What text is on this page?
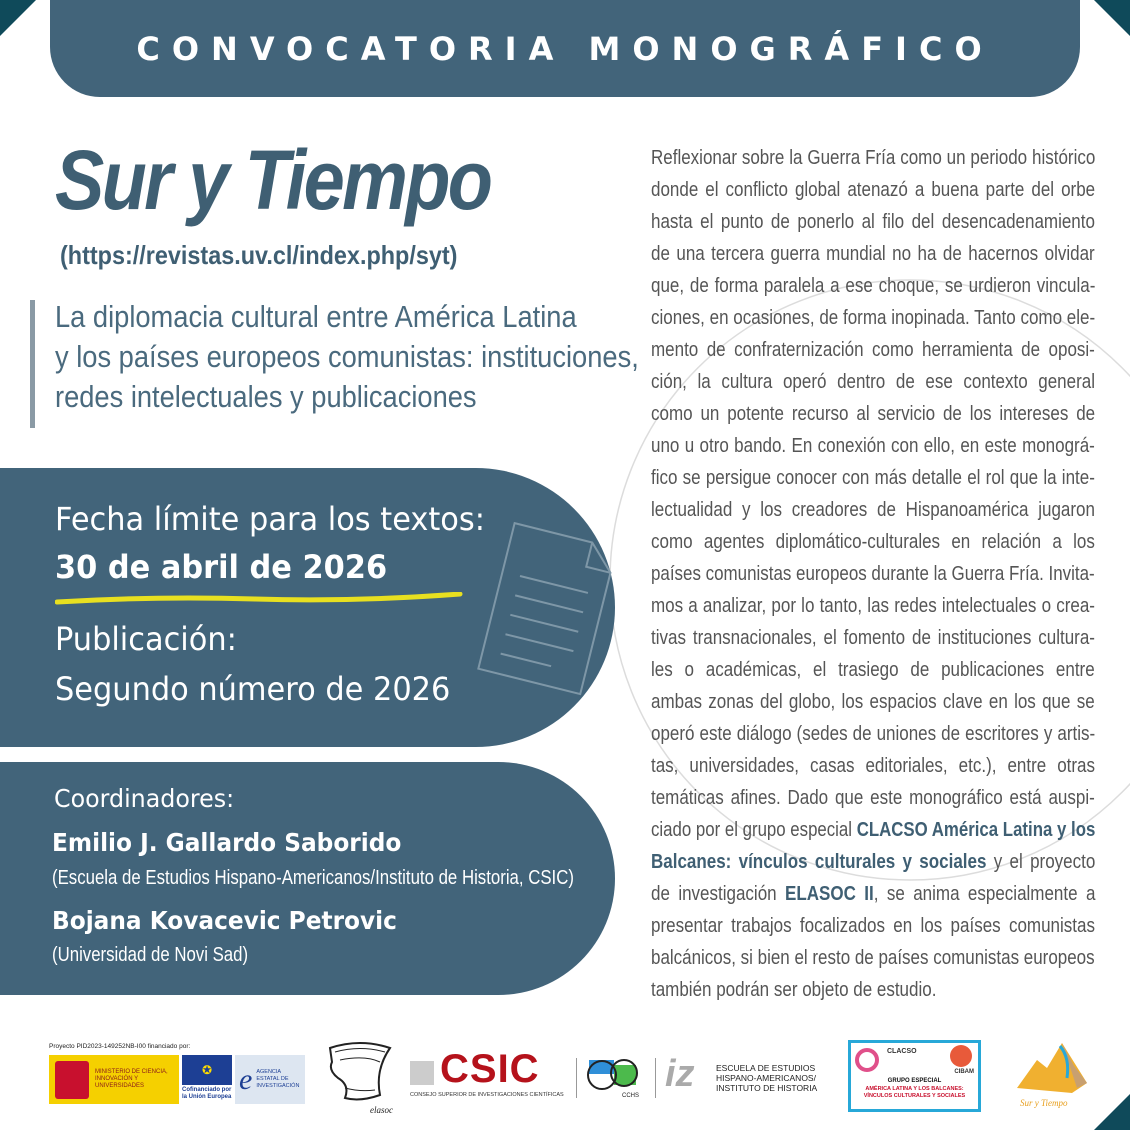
CONVOCATORIA MONOGRÁFICO
Sur y Tiempo
(https://revistas.uv.cl/index.php/syt)
La diplomacia cultural entre América Latina
y los países europeos comunistas: instituciones,
redes intelectuales y publicaciones
Fecha límite para los textos:
30 de abril de 2026
Publicación:
Segundo número de 2026
Coordinadores:
Emilio J. Gallardo Saborido
(Escuela de Estudios Hispano-Americanos/Instituto de Historia, CSIC)
Bojana Kovacevic Petrovic
(Universidad de Novi Sad)
Reflexionar sobre la Guerra Fría como un periodo histórico
donde el conflicto global atenazó a buena parte del orbe
hasta el punto de ponerlo al filo del desencadenamiento
de una tercera guerra mundial no ha de hacernos olvidar
que, de forma paralela a ese choque, se urdieron vincula-
ciones, en ocasiones, de forma inopinada. Tanto como ele-
mento de confraternización como herramienta de oposi-
ción, la cultura operó dentro de ese contexto general
como un potente recurso al servicio de los intereses de
uno u otro bando. En conexión con ello, en este monográ-
fico se persigue conocer con más detalle el rol que la inte-
lectualidad y los creadores de Hispanoamérica jugaron
como agentes diplomático-culturales en relación a los
países comunistas europeos durante la Guerra Fría. Invita-
mos a analizar, por lo tanto, las redes intelectuales o crea-
tivas transnacionales, el fomento de instituciones cultura-
les o académicas, el trasiego de publicaciones entre
ambas zonas del globo, los espacios clave en los que se
operó este diálogo (sedes de uniones de escritores y artis-
tas, universidades, casas editoriales, etc.), entre otras
temáticas afines. Dado que este monográfico está auspi-
ciado por el grupo especial CLACSO América Latina y los
Balcanes: vínculos culturales y sociales y el proyecto
de investigación ELASOC II, se anima especialmente a
presentar trabajos focalizados en los países comunistas
balcánicos, si bien el resto de países comunistas europeos
también podrán ser objeto de estudio.
Proyecto PID2023-149252NB-I00 financiado por:
MINISTERIO DE CIENCIA, INNOVACIÓN Y UNIVERSIDADES
✪
Cofinanciado por la Unión Europea
e AGENCIA ESTATAL DE INVESTIGACIÓN
elasoc
CSIC
CONSEJO SUPERIOR DE INVESTIGACIONES CIENTÍFICAS	CCHS
iz	ESCUELA DE ESTUDIOS HISPANO-AMERICANOS/ INSTITUTO DE HISTORIA
CLACSO
CIBAM
GRUPO ESPECIAL
AMÉRICA LATINA Y LOS BALCANES: VÍNCULOS CULTURALES Y SOCIALES
Sur y Tiempo
